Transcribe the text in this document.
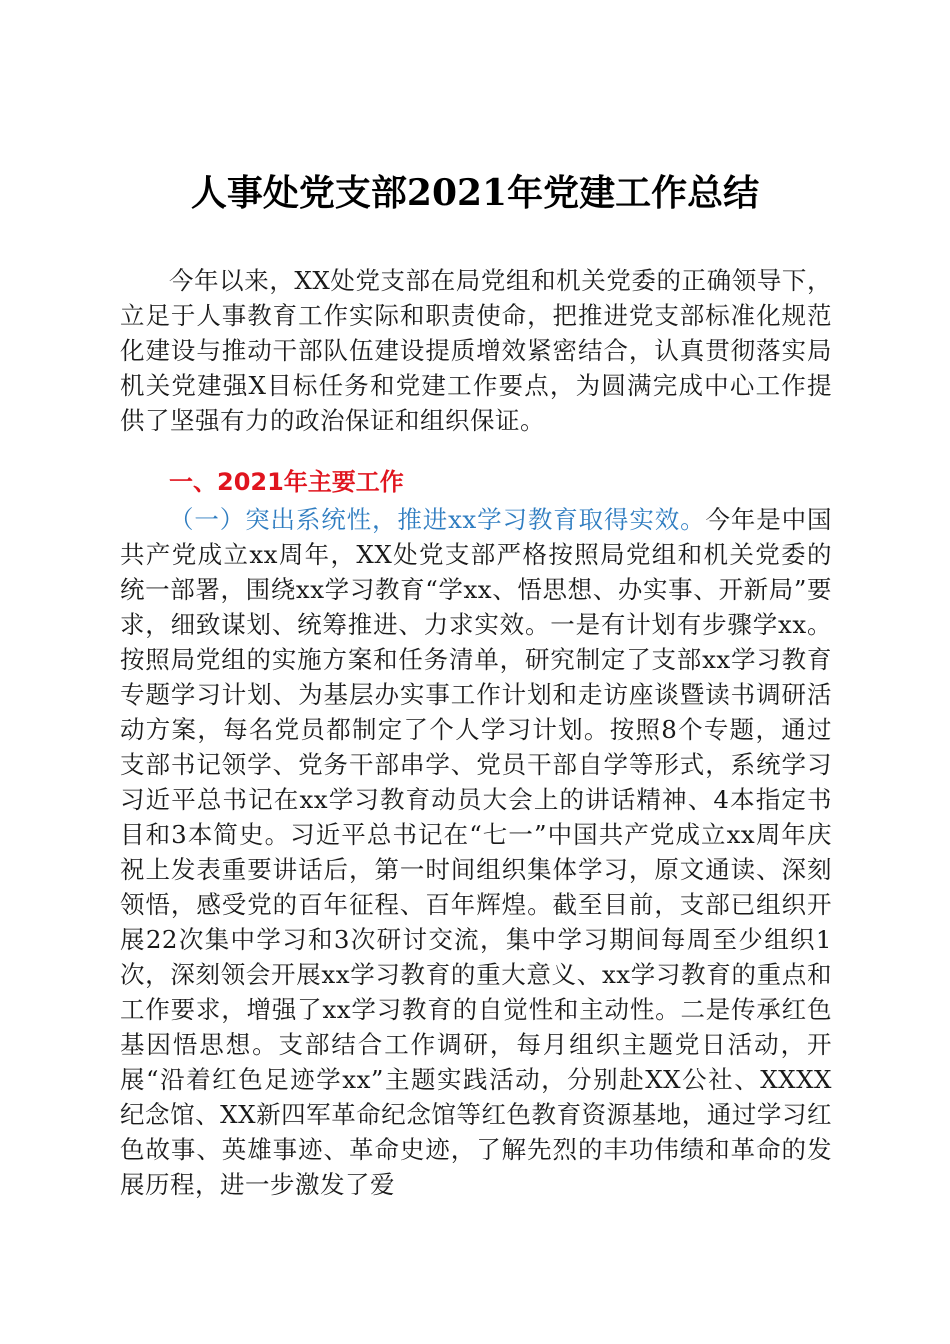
人事处党支部2021年党建工作总结

今年以来，XX处党支部在局党组和机关党委的正确领导下，立足于人事教育工作实际和职责使命，把推进党支部标准化规范化建设与推动干部队伍建设提质增效紧密结合，认真贯彻落实局机关党建强X目标任务和党建工作要点，为圆满完成中心工作提供了坚强有力的政治保证和组织保证。

一、2021年主要工作

（一）突出系统性，推进xx学习教育取得实效。今年是中国共产党成立xx周年，XX处党支部严格按照局党组和机关党委的统一部署，围绕xx学习教育“学xx、悟思想、办实事、开新局”要求，细致谋划、统筹推进、力求实效。一是有计划有步骤学xx。按照局党组的实施方案和任务清单，研究制定了支部xx学习教育专题学习计划、为基层办实事工作计划和走访座谈暨读书调研活动方案，每名党员都制定了个人学习计划。按照8个专题，通过支部书记领学、党务干部串学、党员干部自学等形式，系统学习习近平总书记在xx学习教育动员大会上的讲话精神、4本指定书目和3本简史。习近平总书记在“七一”中国共产党成立xx周年庆祝上发表重要讲话后，第一时间组织集体学习，原文通读、深刻领悟，感受党的百年征程、百年辉煌。截至目前，支部已组织开展22次集中学习和3次研讨交流，集中学习期间每周至少组织1次，深刻领会开展xx学习教育的重大意义、xx学习教育的重点和工作要求，增强了xx学习教育的自觉性和主动性。二是传承红色基因悟思想。支部结合工作调研，每月组织主题党日活动，开展“沿着红色足迹学xx”主题实践活动，分别赴XX公社、XXXX纪念馆、XX新四军革命纪念馆等红色教育资源基地，通过学习红色故事、英雄事迹、革命史迹，了解先烈的丰功伟绩和革命的发展历程，进一步激发了爱
